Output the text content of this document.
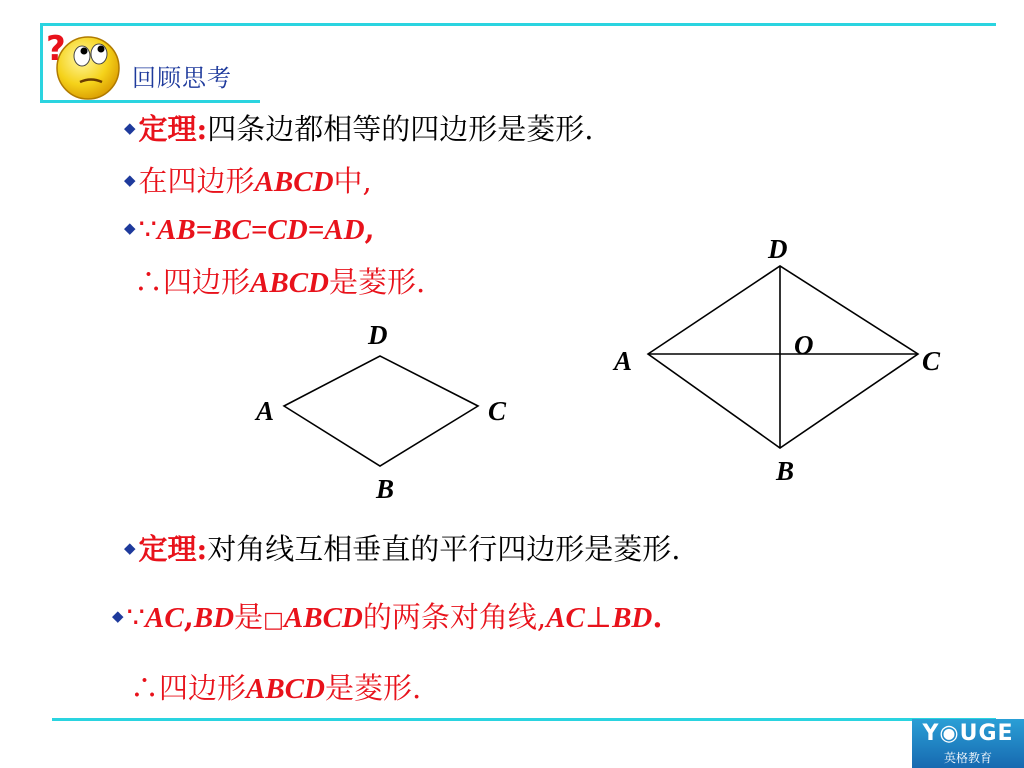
?
回顾思考
◆ 定理:四条边都相等的四边形是菱形.
◆ 在四边形ABCD中,
◆ ∵AB=BC=CD=AD,
∴四边形ABCD是菱形.
D
A	C
B
D
A	C
O
B
◆ 定理:对角线互相垂直的平行四边形是菱形.
◆ ∵AC,BD是□ABCD的两条对角线,AC⊥BD.
∴四边形ABCD是菱形.
Y◉UGE
英格教育
